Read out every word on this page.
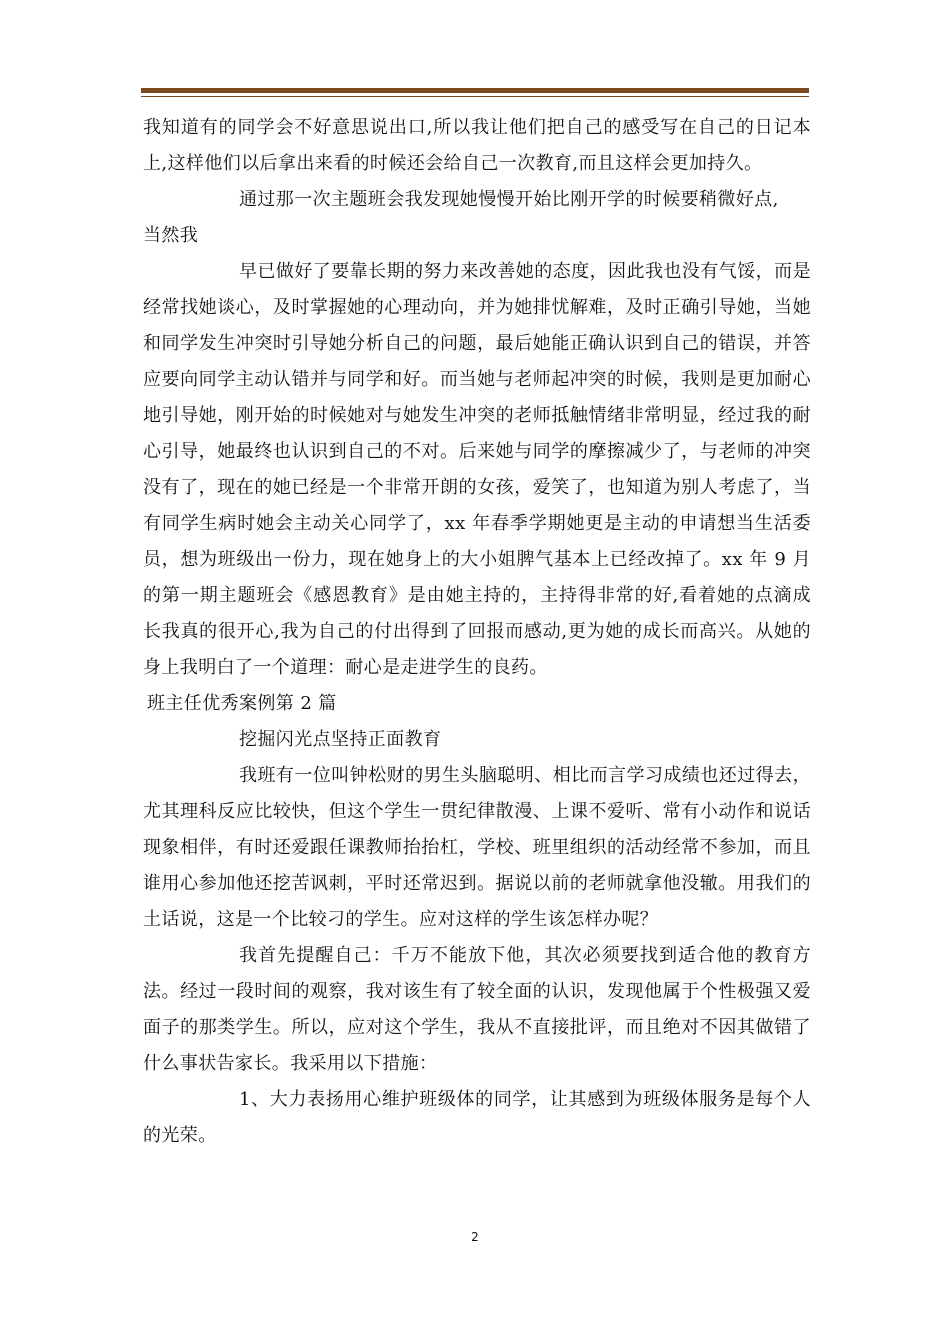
我知道有的同学会不好意思说出口,所以我让他们把自己的感受写在自己的日记本上,这样他们以后拿出来看的时候还会给自己一次教育,而且这样会更加持久。

通过那一次主题班会我发现她慢慢开始比刚开学的时候要稍微好点,

当然我

早已做好了要靠长期的努力来改善她的态度，因此我也没有气馁，而是经常找她谈心，及时掌握她的心理动向，并为她排忧解难，及时正确引导她，当她和同学发生冲突时引导她分析自己的问题，最后她能正确认识到自己的错误，并答应要向同学主动认错并与同学和好。而当她与老师起冲突的时候，我则是更加耐心地引导她，刚开始的时候她对与她发生冲突的老师抵触情绪非常明显，经过我的耐心引导，她最终也认识到自己的不对。后来她与同学的摩擦减少了，与老师的冲突没有了，现在的她已经是一个非常开朗的女孩，爱笑了，也知道为别人考虑了，当有同学生病时她会主动关心同学了，xx 年春季学期她更是主动的申请想当生活委员，想为班级出一份力，现在她身上的大小姐脾气基本上已经改掉了。xx 年 9 月的第一期主题班会《感恩教育》是由她主持的，主持得非常的好,看着她的点滴成长我真的很开心,我为自己的付出得到了回报而感动,更为她的成长而高兴。从她的身上我明白了一个道理：耐心是走进学生的良药。

班主任优秀案例第 2 篇

挖掘闪光点坚持正面教育

我班有一位叫钟松财的男生头脑聪明、相比而言学习成绩也还过得去，尤其理科反应比较快，但这个学生一贯纪律散漫、上课不爱听、常有小动作和说话现象相伴，有时还爱跟任课教师抬抬杠，学校、班里组织的活动经常不参加，而且谁用心参加他还挖苦讽刺，平时还常迟到。据说以前的老师就拿他没辙。用我们的土话说，这是一个比较刁的学生。应对这样的学生该怎样办呢？

我首先提醒自己：千万不能放下他，其次必须要找到适合他的教育方法。经过一段时间的观察，我对该生有了较全面的认识，发现他属于个性极强又爱面子的那类学生。所以，应对这个学生，我从不直接批评，而且绝对不因其做错了什么事状告家长。我采用以下措施：

1、大力表扬用心维护班级体的同学，让其感到为班级体服务是每个人的光荣。

2
